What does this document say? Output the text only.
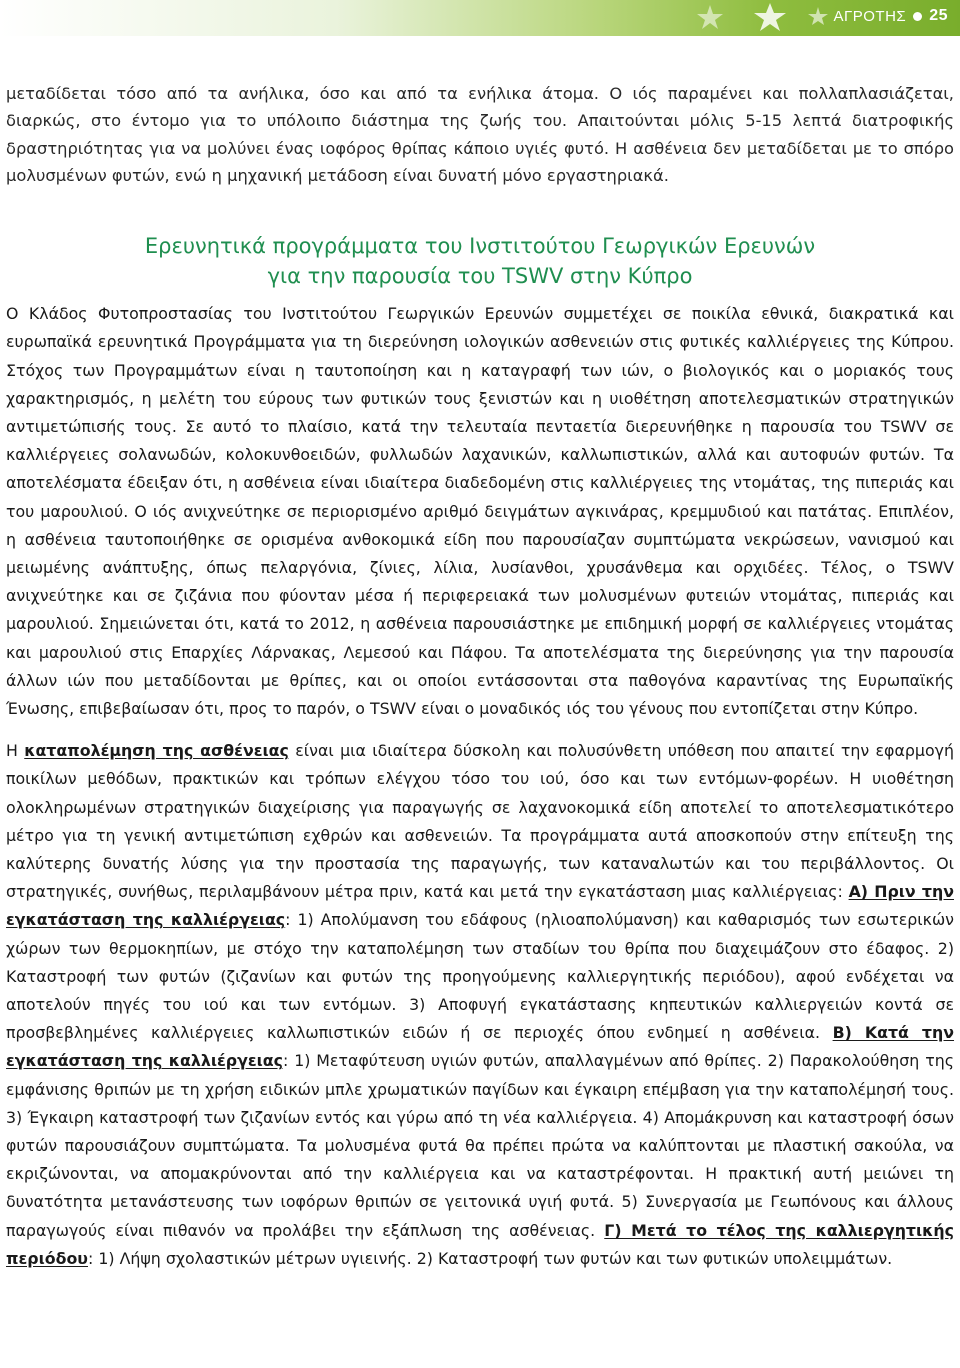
ΑΓΡΟΤΗΣ 25

μεταδίδεται τόσο από τα ανήλικα, όσο και από τα ενήλικα άτομα. Ο ιός παραμένει και πολλαπλασιάζεται, διαρκώς, στο έντομο για το υπόλοιπο διάστημα της ζωής του. Απαιτούνται μόλις 5-15 λεπτά διατροφικής δραστηριότητας για να μολύνει ένας ιοφόρος θρίπας κάποιο υγιές φυτό. Η ασθένεια δεν μεταδίδεται με το σπόρο μολυσμένων φυτών, ενώ η μηχανική μετάδοση είναι δυνατή μόνο εργαστηριακά.

Ερευνητικά προγράμματα του Ινστιτούτου Γεωργικών Ερευνών
για την παρουσία του TSWV στην Κύπρο

Ο Κλάδος Φυτοπροστασίας του Ινστιτούτου Γεωργικών Ερευνών συμμετέχει σε ποικίλα εθνικά, διακρατικά και ευρωπαϊκά ερευνητικά Προγράμματα για τη διερεύνηση ιολογικών ασθενειών στις φυτικές καλλιέργειες της Κύπρου. Στόχος των Προγραμμάτων είναι η ταυτοποίηση και η καταγραφή των ιών, ο βιολογικός και ο μοριακός τους χαρακτηρισμός, η μελέτη του εύρους των φυτικών τους ξενιστών και η υιοθέτηση αποτελεσματικών στρατηγικών αντιμετώπισής τους. Σε αυτό το πλαίσιο, κατά την τελευταία πενταετία διερευνήθηκε η παρουσία του TSWV σε καλλιέργειες σολανωδών, κολοκυνθοειδών, φυλλωδών λαχανικών, καλλωπιστικών, αλλά και αυτοφυών φυτών. Τα αποτελέσματα έδειξαν ότι, η ασθένεια είναι ιδιαίτερα διαδεδομένη στις καλλιέργειες της ντομάτας, της πιπεριάς και του μαρουλιού. Ο ιός ανιχνεύτηκε σε περιορισμένο αριθμό δειγμάτων αγκινάρας, κρεμμυδιού και πατάτας. Επιπλέον, η ασθένεια ταυτοποιήθηκε σε ορισμένα ανθοκομικά είδη που παρουσίαζαν συμπτώματα νεκρώσεων, νανισμού και μειωμένης ανάπτυξης, όπως πελαργόνια, ζίνιες, λίλια, λυσίανθοι, χρυσάνθεμα και ορχιδέες. Τέλος, ο TSWV ανιχνεύτηκε και σε ζιζάνια που φύονταν μέσα ή περιφερειακά των μολυσμένων φυτειών ντομάτας, πιπεριάς και μαρουλιού. Σημειώνεται ότι, κατά το 2012, η ασθένεια παρουσιάστηκε με επιδημική μορφή σε καλλιέργειες ντομάτας και μαρουλιού στις Επαρχίες Λάρνακας, Λεμεσού και Πάφου. Τα αποτελέσματα της διερεύνησης για την παρουσία άλλων ιών που μεταδίδονται με θρίπες, και οι οποίοι εντάσσονται στα παθογόνα καραντίνας της Ευρωπαϊκής Ένωσης, επιβεβαίωσαν ότι, προς το παρόν, ο TSWV είναι ο μοναδικός ιός του γένους που εντοπίζεται στην Κύπρο.

Η καταπολέμηση της ασθένειας είναι μια ιδιαίτερα δύσκολη και πολυσύνθετη υπόθεση που απαιτεί την εφαρμογή ποικίλων μεθόδων, πρακτικών και τρόπων ελέγχου τόσο του ιού, όσο και των εντόμων-φορέων. Η υιοθέτηση ολοκληρωμένων στρατηγικών διαχείρισης για παραγωγής σε λαχανοκομικά είδη αποτελεί το αποτελεσματικότερο μέτρο για τη γενική αντιμετώπιση εχθρών και ασθενειών. Τα προγράμματα αυτά αποσκοπούν στην επίτευξη της καλύτερης δυνατής λύσης για την προστασία της παραγωγής, των καταναλωτών και του περιβάλλοντος. Οι στρατηγικές, συνήθως, περιλαμβάνουν μέτρα πριν, κατά και μετά την εγκατάσταση μιας καλλιέργειας: Α) Πριν την εγκατάσταση της καλλιέργειας: 1) Απολύμανση του εδάφους (ηλιοαπολύμανση) και καθαρισμός των εσωτερικών χώρων των θερμοκηπίων, με στόχο την καταπολέμηση των σταδίων του θρίπα που διαχειμάζουν στο έδαφος. 2) Καταστροφή των φυτών (ζιζανίων και φυτών της προηγούμενης καλλιεργητικής περιόδου), αφού ενδέχεται να αποτελούν πηγές του ιού και των εντόμων. 3) Αποφυγή εγκατάστασης κηπευτικών καλλιεργειών κοντά σε προσβεβλημένες καλλιέργειες καλλωπιστικών ειδών ή σε περιοχές όπου ενδημεί η ασθένεια. Β) Κατά την εγκατάσταση της καλλιέργειας: 1) Μεταφύτευση υγιών φυτών, απαλλαγμένων από θρίπες. 2) Παρακολούθηση της εμφάνισης θριπών με τη χρήση ειδικών μπλε χρωματικών παγίδων και έγκαιρη επέμβαση για την καταπολέμησή τους. 3) Έγκαιρη καταστροφή των ζιζανίων εντός και γύρω από τη νέα καλλιέργεια. 4) Απομάκρυνση και καταστροφή όσων φυτών παρουσιάζουν συμπτώματα. Τα μολυσμένα φυτά θα πρέπει πρώτα να καλύπτονται με πλαστική σακούλα, να εκριζώνονται, να απομακρύνονται από την καλλιέργεια και να καταστρέφονται. Η πρακτική αυτή μειώνει τη δυνατότητα μετανάστευσης των ιοφόρων θριπών σε γειτονικά υγιή φυτά. 5) Συνεργασία με Γεωπόνους και άλλους παραγωγούς είναι πιθανόν να προλάβει την εξάπλωση της ασθένειας. Γ) Μετά το τέλος της καλλιεργητικής περιόδου: 1) Λήψη σχολαστικών μέτρων υγιεινής. 2) Καταστροφή των φυτών και των φυτικών υπολειμμάτων.
